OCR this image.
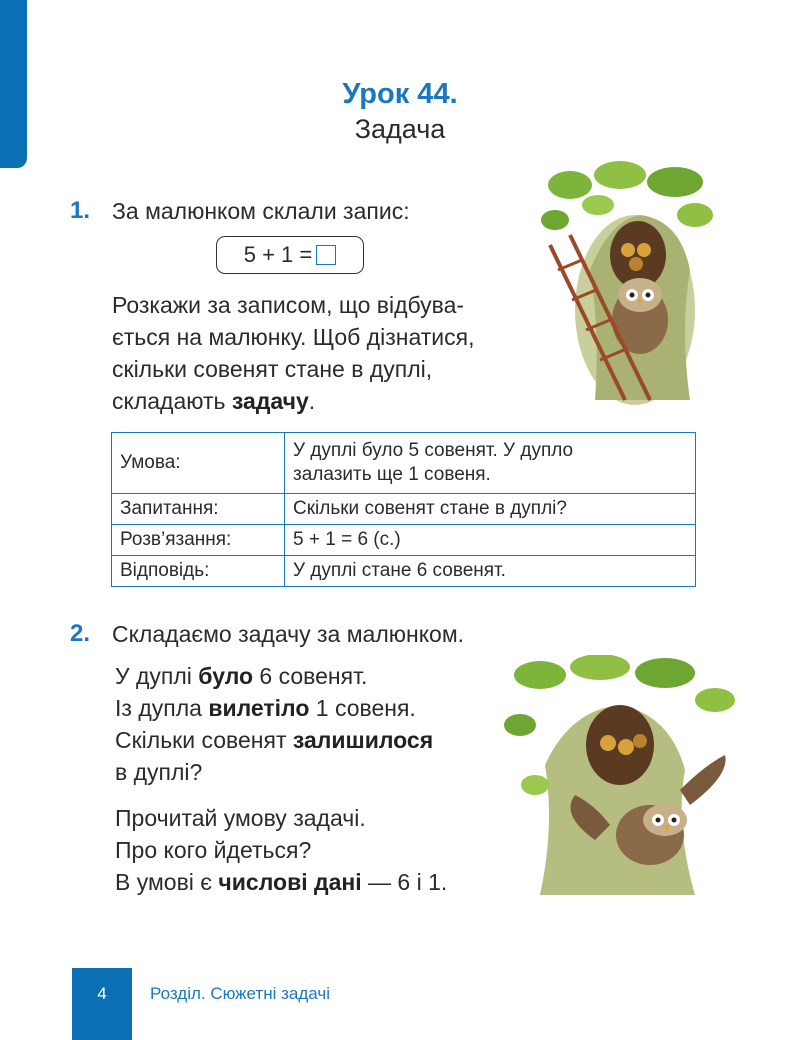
Урок 44.
Задача
1. За малюнком склали запис:
5 + 1 =
Розкажи за записом, що відбува-
ється на малюнку. Щоб дізнатися,
скільки совенят стане в дуплі,
складають задачу.
Умова:	У дуплі було 5 совенят. У дупло
залазить ще 1 совеня.
Запитання:	Скільки совенят стане в дуплі?
Розв’язання:	5 + 1 = 6 (с.)
Відповідь:	У дуплі стане 6 совенят.
2. Складаємо задачу за малюнком.
У дуплі було 6 совенят.
Із дупла вилетіло 1 совеня.
Скільки совенят залишилося
в дуплі?
Прочитай умову задачі.
Про кого йдеться?
В умові є числові дані — 6 і 1.
4	Розділ. Сюжетні задачі
